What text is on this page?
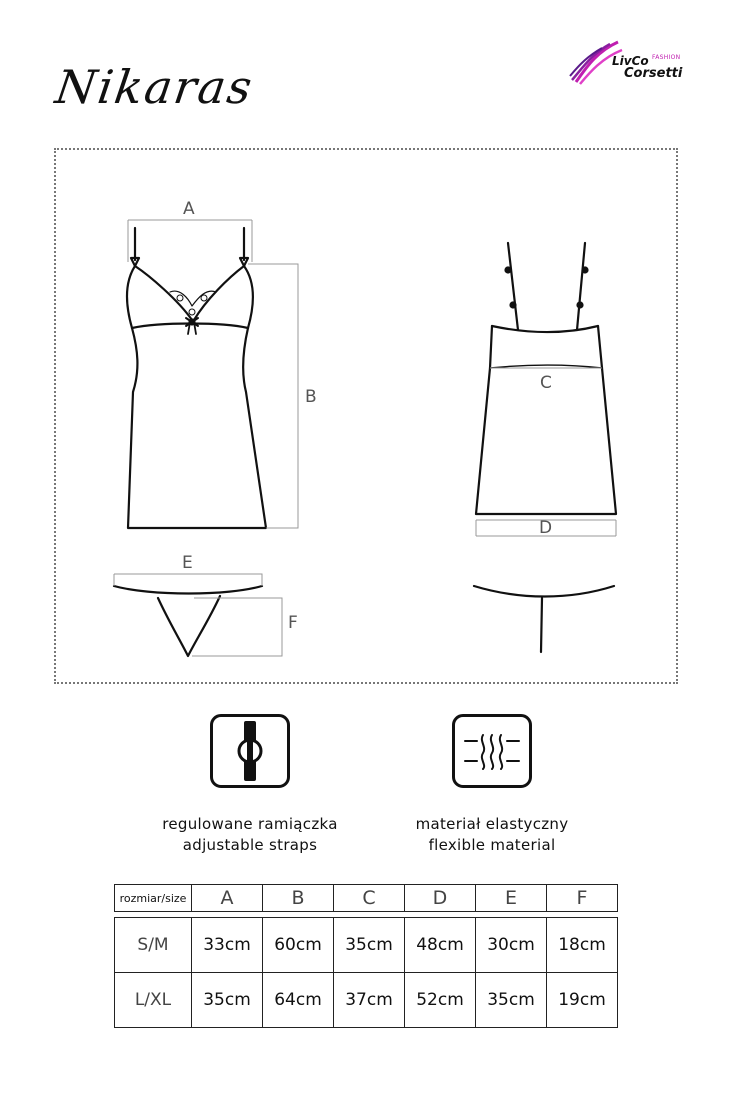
Nikaras	LivCo FASHION
Corsetti
A
B
C
D
E
F
regulowane ramiączka
adjustable straps
materiał elastyczny
flexible material
rozmiar/size	A	B	C	D	E	F

S/M	33cm	60cm	35cm	48cm	30cm	18cm
L/XL	35cm	64cm	37cm	52cm	35cm	19cm
